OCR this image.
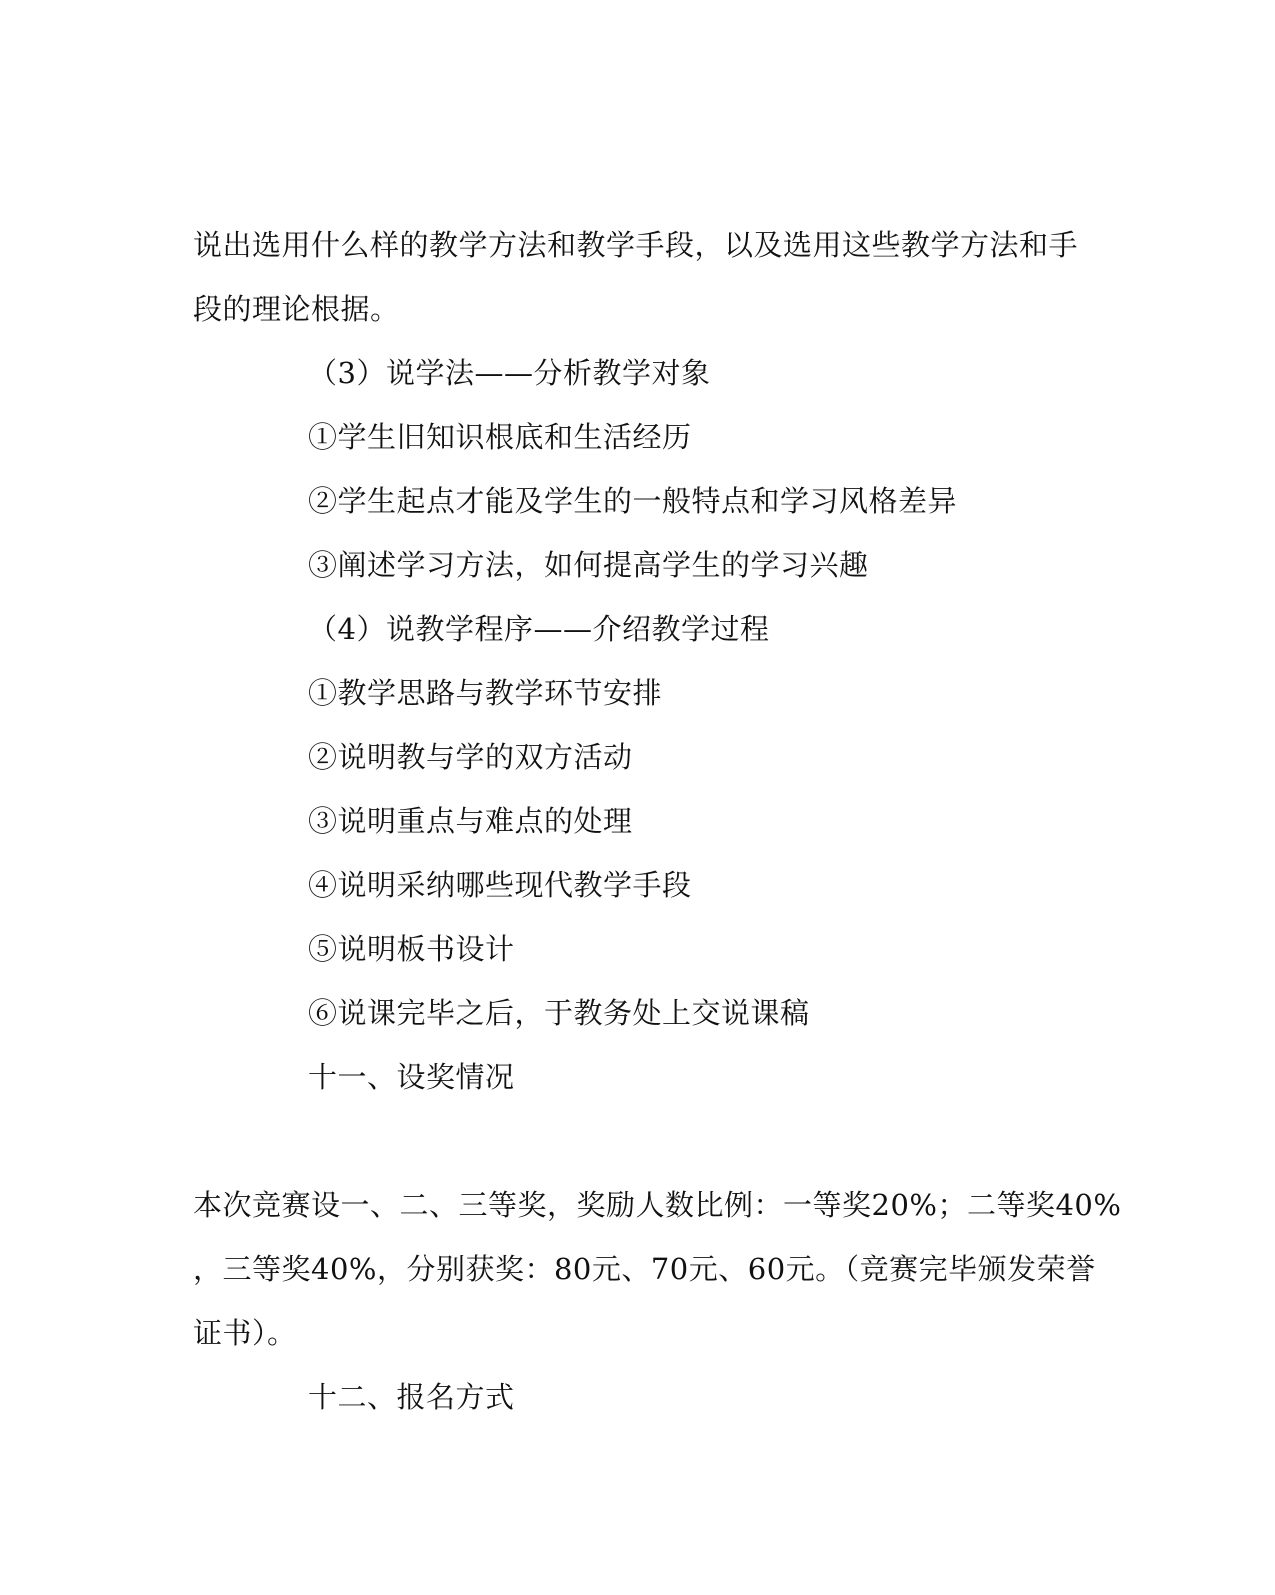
说出选用什么样的教学方法和教学手段，以及选用这些教学方法和手
段的理论根据。
（3）说学法——分析教学对象
①学生旧知识根底和生活经历
②学生起点才能及学生的一般特点和学习风格差异
③阐述学习方法，如何提高学生的学习兴趣
（4）说教学程序——介绍教学过程
①教学思路与教学环节安排
②说明教与学的双方活动
③说明重点与难点的处理
④说明采纳哪些现代教学手段
⑤说明板书设计
⑥说课完毕之后，于教务处上交说课稿
十一、设奖情况
本次竞赛设一、二、三等奖，奖励人数比例：一等奖20%；二等奖40%
，三等奖40%，分别获奖：80元、70元、60元。（竞赛完毕颁发荣誉
证书）。
十二、报名方式
